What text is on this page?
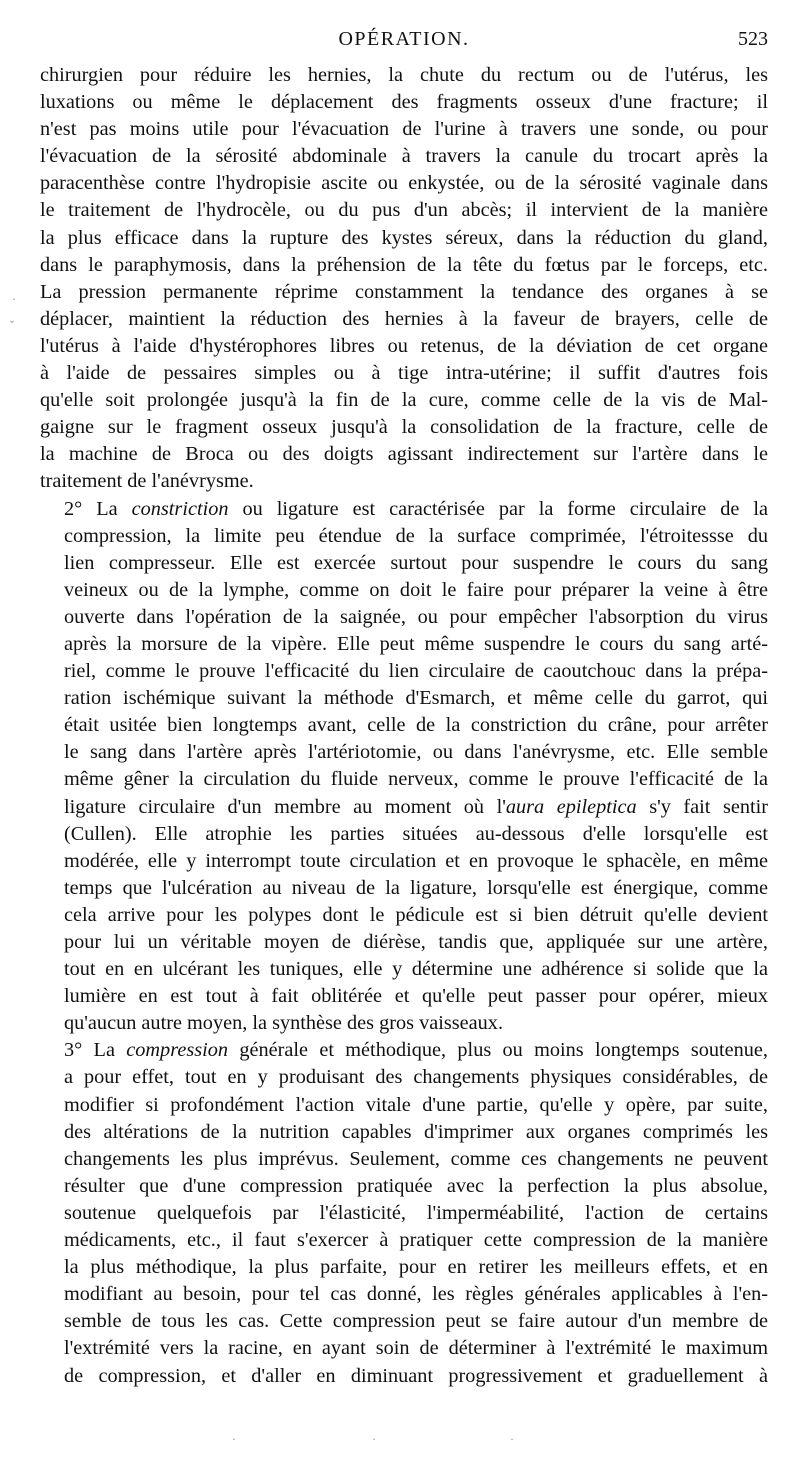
OPÉRATION.	523
·
ˇ

chirurgien pour réduire les hernies, la chute du rectum ou de l'utérus, les
luxations ou même le déplacement des fragments osseux d'une fracture; il
n'est pas moins utile pour l'évacuation de l'urine à travers une sonde, ou pour
l'évacuation de la sérosité abdominale à travers la canule du trocart après la
paracenthèse contre l'hydropisie ascite ou enkystée, ou de la sérosité vaginale dans
le traitement de l'hydrocèle, ou du pus d'un abcès; il intervient de la manière
la plus efficace dans la rupture des kystes séreux, dans la réduction du gland,
dans le paraphymosis, dans la préhension de la tête du fœtus par le forceps, etc.
La pression permanente réprime constamment la tendance des organes à se
déplacer, maintient la réduction des hernies à la faveur de brayers, celle de
l'utérus à l'aide d'hystérophores libres ou retenus, de la déviation de cet organe
à l'aide de pessaires simples ou à tige intra-utérine; il suffit d'autres fois
qu'elle soit prolongée jusqu'à la fin de la cure, comme celle de la vis de Mal-
gaigne sur le fragment osseux jusqu'à la consolidation de la fracture, celle de
la machine de Broca ou des doigts agissant indirectement sur l'artère dans le
traitement de l'anévrysme.

2° La constriction ou ligature est caractérisée par la forme circulaire de la
compression, la limite peu étendue de la surface comprimée, l'étroitessse du
lien compresseur. Elle est exercée surtout pour suspendre le cours du sang
veineux ou de la lymphe, comme on doit le faire pour préparer la veine à être
ouverte dans l'opération de la saignée, ou pour empêcher l'absorption du virus
après la morsure de la vipère. Elle peut même suspendre le cours du sang arté-
riel, comme le prouve l'efficacité du lien circulaire de caoutchouc dans la prépa-
ration ischémique suivant la méthode d'Esmarch, et même celle du garrot, qui
était usitée bien longtemps avant, celle de la constriction du crâne, pour arrêter
le sang dans l'artère après l'artériotomie, ou dans l'anévrysme, etc. Elle semble
même gêner la circulation du fluide nerveux, comme le prouve l'efficacité de la
ligature circulaire d'un membre au moment où l'aura epileptica s'y fait sentir
(Cullen). Elle atrophie les parties situées au-dessous d'elle lorsqu'elle est
modérée, elle y interrompt toute circulation et en provoque le sphacèle, en même
temps que l'ulcération au niveau de la ligature, lorsqu'elle est énergique, comme
cela arrive pour les polypes dont le pédicule est si bien détruit qu'elle devient
pour lui un véritable moyen de diérèse, tandis que, appliquée sur une artère,
tout en en ulcérant les tuniques, elle y détermine une adhérence si solide que la
lumière en est tout à fait oblitérée et qu'elle peut passer pour opérer, mieux
qu'aucun autre moyen, la synthèse des gros vaisseaux.

3° La compression générale et méthodique, plus ou moins longtemps soutenue,
a pour effet, tout en y produisant des changements physiques considérables, de
modifier si profondément l'action vitale d'une partie, qu'elle y opère, par suite,
des altérations de la nutrition capables d'imprimer aux organes comprimés les
changements les plus imprévus. Seulement, comme ces changements ne peuvent
résulter que d'une compression pratiquée avec la perfection la plus absolue,
soutenue quelquefois par l'élasticité, l'imperméabilité, l'action de certains
médicaments, etc., il faut s'exercer à pratiquer cette compression de la manière
la plus méthodique, la plus parfaite, pour en retirer les meilleurs effets, et en
modifiant au besoin, pour tel cas donné, les règles générales applicables à l'en-
semble de tous les cas. Cette compression peut se faire autour d'un membre de
l'extrémité vers la racine, en ayant soin de déterminer à l'extrémité le maximum
de compression, et d'aller en diminuant progressivement et graduellement à

·	·	·
